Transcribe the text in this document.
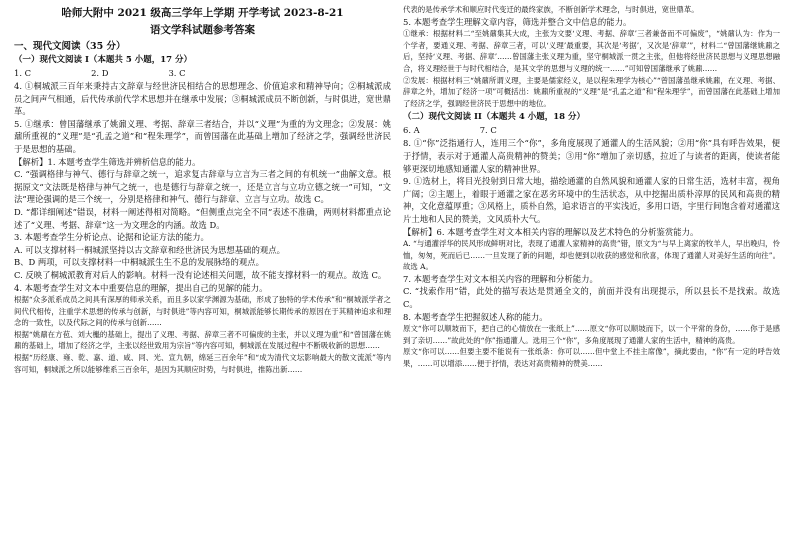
哈师大附中 2021 级高三学年上学期 开学考试 2023-8-21
语文学科试题参考答案
一、现代文阅读（35 分）
（一）现代文阅读 I（本题共 5 小题，17 分）
1. C	2. D	3. C

4. ①桐城派三百年来秉持古文辞章与经世济民相结合的思想理念、价值追求和精神导向；②桐城派成员之间声气相通，后代传承前代学术思想并在继承中发展；③桐城派成员不断创新，与时俱进，宽世鼎革。

5. ①继承：曾国藩继承了姚鼐义理、考据、辞章三者结合，并以“义理”为重的为文理念；②发展：姚鼐所重视的“义理”是“孔孟之道”和“程朱理学”，而曾国藩在此基础上增加了经济之学，强调经世济民于是思想的基础。

【解析】1. 本题考查学生筛选并辨析信息的能力。

C. “强调格律与神气、德行与辞章之统一，追求复古辞章与立言为三者之间的有机统一”曲解文意。根据原文“文法既是格律与神气之统一，也是德行与辞章之统一，还是立言与立功立德之统一”可知，“文法”理论强调的是三个统一，分别是格律和神气、德行与辞章、立言与立功。故选 C。

D. “都详细阐述”错误，材料一阐述得相对简略。“但侧重点完全不同”表述不准确，两则材料都重点论述了“义理、考据、辞章”这一为文理念的内涵。故选 D。

3. 本题考查学生分析论点、论据和论证方法的能力。

A. 可以支撑材料一桐城派坚持以古文辞章和经世济民为思想基础的观点。

B、D 两项，可以支撑材料一中桐城派生生不息的发展脉络的观点。

C. 反映了桐城派教育对后人的影响。材料一没有论述相关问题，故不能支撑材料一的观点。故选 C。

4. 本题考查学生对文本中重要信息的理解，提出自己的见解的能力。

根据“众多派系成员之间具有深厚的师承关系，而且多以家学渊源为基础，形成了独特的学术传承”和“桐城派学者之间代代相传，注重学术思想的传承与创新，与时俱进”等内容可知，桐城派能够长期传承的原因在于其精神追求和理念的一致性，以及代际之间的传承与创新……

根据“姚鼐在方苞、刘大櫆的基础上，提出了义理、考据、辞章三者不可偏废的主张，并以义理为重”和“曾国藩在姚鼐的基础上，增加了经济之学，主张以经世致用为宗旨”等内容可知，桐城派在发展过程中不断吸收新的思想……

根据“历经康、雍、乾、嘉、道、咸、同、光、宣九朝，绵延三百余年”和“成为清代文坛影响最大的散文流派”等内容可知，桐城派之所以能够维系三百余年，是因为其顺应时势，与时俱进，推陈出新……

代表的是传承学术和顺应时代变迁的最终家族，不断创新学术理念，与时俱进，宽世鼎革。

5. 本题考查学生理解文章内容，筛选并整合文中信息的能力。

①继承：根据材料二“至姚鼐集其大成，主张为文要‘义理、考据、辞章’三者兼备而不可偏废”，“姚鼐认为：作为一个学者，要通义理、考据、辞章三者，可以‘义理’最重要，其次是‘考据’，又次是‘辞章’”，材料二“曾国藩继姚鼐之后，坚持‘义理、考据、辞章’……曾国藩主张义理为重，坚守桐城派一贯之主张，但他将经世济民思想与义理思想融合，将义理经世于与时代相结合，是其文学的思想与义理的统一……”可知曾国藩继承了姚鼐……

②发展：根据材料三“姚鼐所谓义理，主要是儒家经义，是以程朱理学为核心”“曾国藩虽继承姚鼐，在义理、考据、辞章之外，增加了经济一项”可概括出：姚鼐所重视的“义理”是“孔孟之道”和“程朱理学”，而曾国藩在此基础上增加了经济之学，强调经世济民于思想中的地位。

（二）现代文阅读 II（本题共 4 小题，18 分）
6. A	7. C

8. ①“你”泛指通行人，连用三个“你”，多角度展现了通灌人的生活风貌；②用“你”具有呼告效果，便于抒情，表示对于通灌人高贵精神的赞美；③用“你”增加了亲切感，拉近了与读者的距离，使读者能够更深切地感知通灌人家的精神世界。

9. ①选材上，将目光投射到日常大地，描绘通灌的自然风貌和通灌人家的日常生活，选材丰富，视角广阔；②主题上，着眼于通灌之家在恶劣环境中的生活状态，从中挖掘出质朴淳厚的民风和高贵的精神，文化意蕴厚重；③风格上，质朴自然，追求语言的平实浅近，多用口语，宇里行间饱含着对通灌这片土地和人民的赞美，文风质朴大气。

【解析】6. 本题考查学生对文本相关内容的理解以及艺术特色的分析鉴赏能力。

A. “与通灌浮华的民风形成鲜明对比，表现了通灌人家精神的高贵”错，原文为“与早上离家的牧羊人，早出晚归，怜恤，匆匆，死而后已……一旦发现了新的问题，却也便到以收获的感觉和欣喜，体现了通灌人对美好生活的向往”。故选 A。

7. 本题考查学生对文本相关内容的理解和分析能力。

C. “找索作用”错，此处的描写表达是贯通全文的，前面并没有出现提示，所以县长不是找索。故选 C。

8. 本题考查学生把握叙述人称的能力。

原文“你可以顺坡而下，把自己的心情放在一张纸上”……原文“你可以顺坡而下，以一个平常的身份，……你于是感到了亲切……”故此处的“你”指通灌人。选用三个“你”，多角度展现了通灌人家的生活中，精神的高贵。

原文“你可以……但要主要不能说有一张纸条：你可以……但中堂上不挂主席像”，摘此要由，“你”有一定的呼告效果，……可以增添……便于抒情，表达对高贵精神的赞美……
